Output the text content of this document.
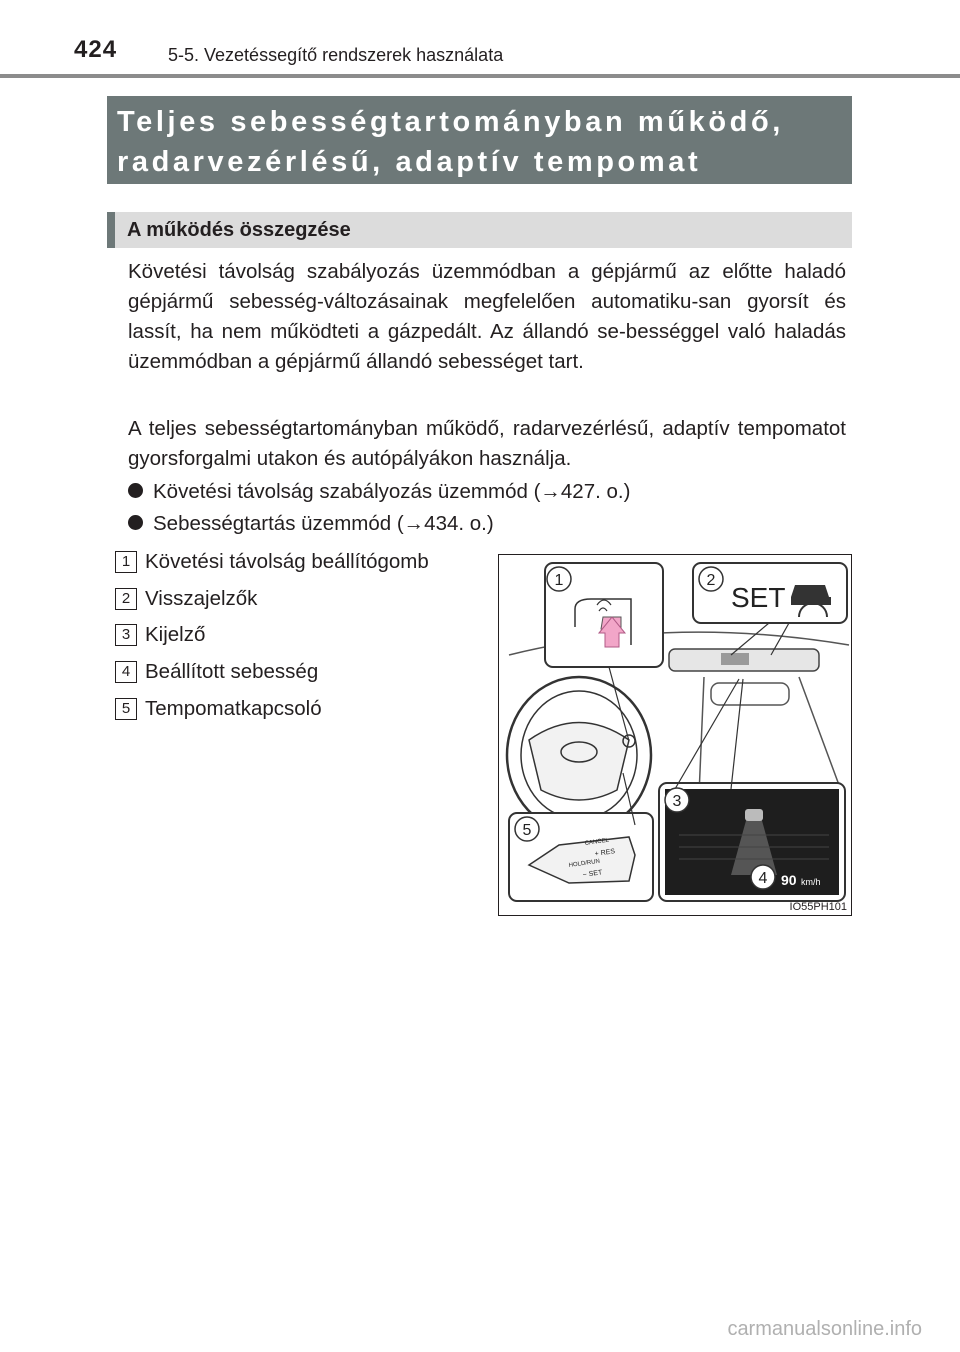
424	5-5. Vezetéssegítő rendszerek használata
Teljes sebességtartományban működő,
radarvezérlésű, adaptív tempomat
A működés összegzése

Követési távolság szabályozás üzemmódban a gépjármű az előtte haladó gépjármű sebesség-változásainak megfelelően automatiku-san gyorsít és lassít, ha nem működteti a gázpedált. Az állandó se-bességgel való haladás üzemmódban a gépjármű állandó sebességet tart.

A teljes sebességtartományban működő, radarvezérlésű, adaptív tempomatot gyorsforgalmi utakon és autópályákon használja.

Követési távolság szabályozás üzemmód (→427. o.)
Sebességtartás üzemmód (→434. o.)
1 Követési távolság beállítógomb
2 Visszajelzők
3 Kijelző
4 Beállított sebesség
5 Tempomatkapcsoló
1	2
SET
3
4 90 km/h
CANCEL
+ RES
HOLD/RUN
− SET
5
IO55PH101
carmanualsonline.info
